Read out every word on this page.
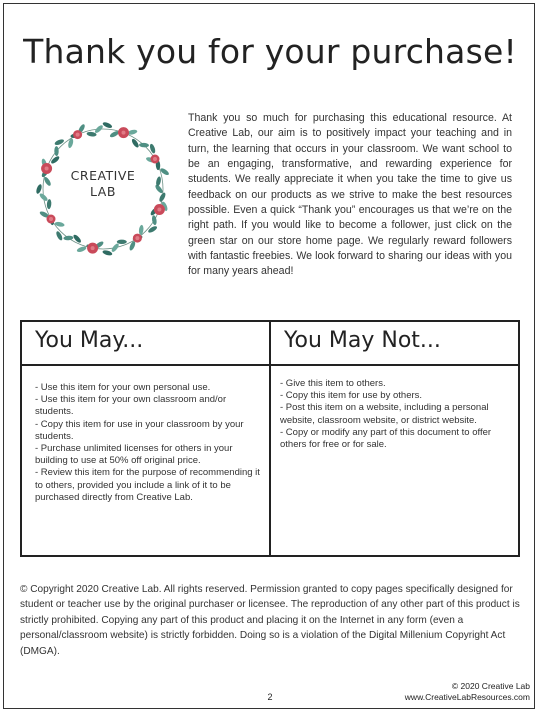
Thank you for your purchase!
CREATIVE
LAB
Thank you so much for purchasing this educational resource. At Creative Lab, our aim is to positively impact your teaching and in turn, the learning that occurs in your classroom. We want school to be an engaging, transformative, and rewarding experience for students. We really appreciate it when you take the time to give us feedback on our products as we strive to make the best resources possible. Even a quick “Thank you” encourages us that we’re on the right path. If you would like to become a follower, just click on the green star on our store home page. We regularly reward followers with fantastic freebies. We look forward to sharing our ideas with you for many years ahead!
You May...	You May Not...
- Use this item for your own personal use.
- Use this item for your own classroom and/or students.
- Copy this item for use in your classroom by your students.
- Purchase unlimited licenses for others in your building to use at 50% off original price.
- Review this item for the purpose of recommending it to others, provided you include a link of it to be purchased directly from Creative Lab.
- Give this item to others.
- Copy this item for use by others.
- Post this item on a website, including a personal website, classroom website, or district website.
- Copy or modify any part of this document to offer others for free or for sale.
© Copyright 2020 Creative Lab. All rights reserved. Permission granted to copy pages specifically designed for student or teacher use by the original purchaser or licensee. The reproduction of any other part of this product is strictly prohibited. Copying any part of this product and placing it on the Internet in any form (even a personal/classroom website) is strictly forbidden. Doing so is a violation of the Digital Millenium Copyright Act (DMGA).
© 2020 Creative Lab
www.CreativeLabResources.com
2
